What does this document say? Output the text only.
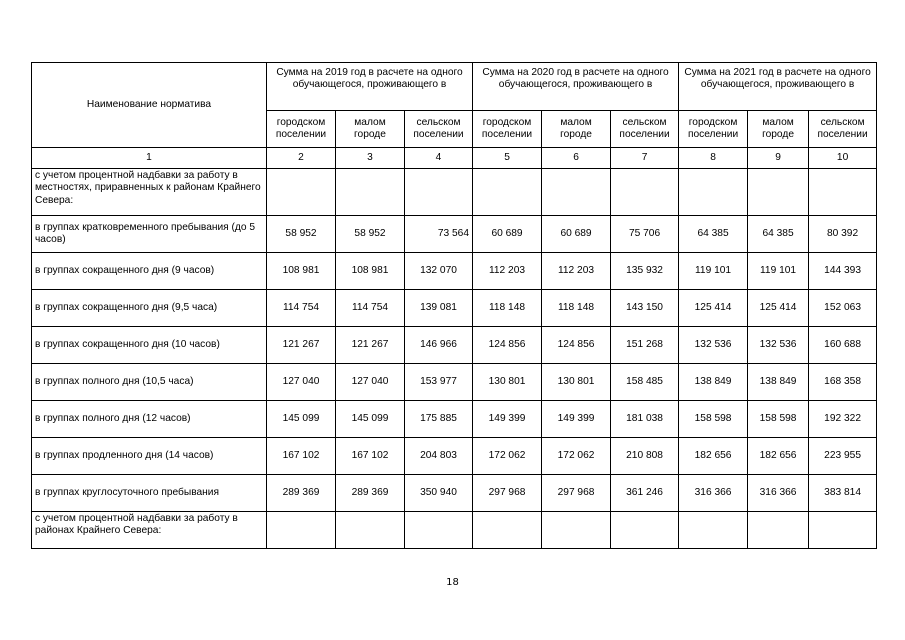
Наименование норматива	Сумма на 2019 год в расчете на одного обучающегося, проживающего в			Сумма на 2020 год в расчете на одного обучающегося, проживающего в			Сумма на 2021 год в расчете на одного обучающегося, проживающего в		
	городском поселении	малом городе	сельском поселении	городском поселении	малом городе	сельском поселении	городском поселении	малом городе	сельском поселении
1	2	3	4	5	6	7	8	9	10
с учетом процентной надбавки за работу в местностях, приравненных к районам Крайнего Севера:									
в группах кратковременного пребывания (до 5 часов)	58 952	58 952	73 564	60 689	60 689	75 706	64 385	64 385	80 392
в группах сокращенного дня (9 часов)	108 981	108 981	132 070	112 203	112 203	135 932	119 101	119 101	144 393
в группах сокращенного дня (9,5 часа)	114 754	114 754	139 081	118 148	118 148	143 150	125 414	125 414	152 063
в группах сокращенного дня (10 часов)	121 267	121 267	146 966	124 856	124 856	151 268	132 536	132 536	160 688
в группах полного дня (10,5 часа)	127 040	127 040	153 977	130 801	130 801	158 485	138 849	138 849	168 358
в группах полного дня (12 часов)	145 099	145 099	175 885	149 399	149 399	181 038	158 598	158 598	192 322
в группах продленного дня (14 часов)	167 102	167 102	204 803	172 062	172 062	210 808	182 656	182 656	223 955
в группах круглосуточного пребывания	289 369	289 369	350 940	297 968	297 968	361 246	316 366	316 366	383 814
с учетом процентной надбавки за работу в районах Крайнего Севера:									
18
